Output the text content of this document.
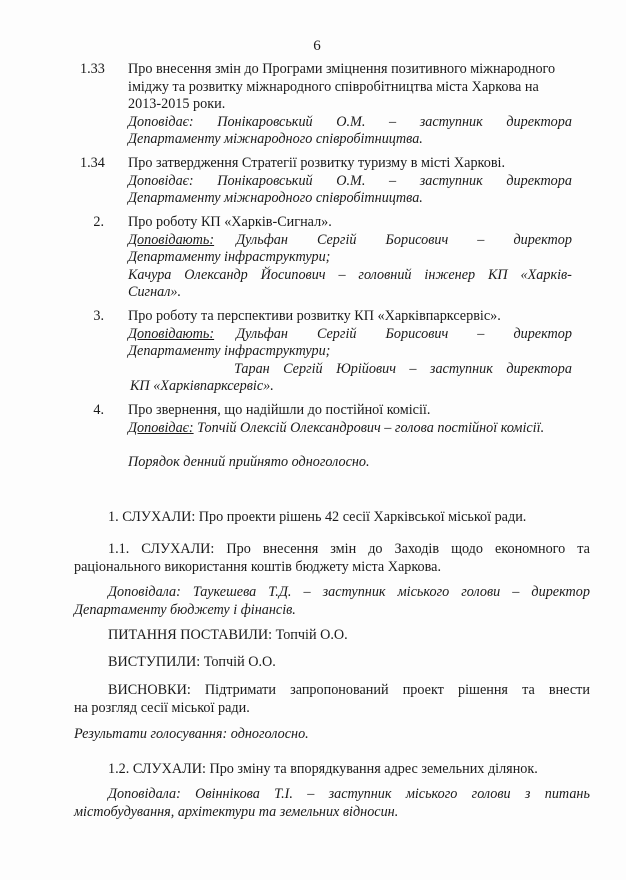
6
1.33	Про внесення змін до Програми зміцнення позитивного міжнародного
іміджу та розвитку міжнародного співробітництва міста Харкова на
2013-2015 роки.
Доповідає: Понікаровський О.М. – заступник директора
Департаменту міжнародного співробітництва.
1.34	Про затвердження Стратегії розвитку туризму в місті Харкові.
Доповідає: Понікаровський О.М. – заступник директора
Департаменту міжнародного співробітництва.
2. Про роботу КП «Харків-Сигнал».
Доповідають: Дульфан Сергій Борисович – директор
Департаменту інфраструктури;
Качура Олександр Йосипович – головний інженер КП «Харків-
Сигнал».
3. Про роботу та перспективи розвитку КП «Харківпарксервіс».
Доповідають: Дульфан Сергій Борисович – директор
Департаменту інфраструктури;
Таран Сергій Юрійович – заступник директора
КП «Харківпарксервіс».
4. Про звернення, що надійшли до постійної комісії.
Доповідає: Топчій Олексій Олександрович – голова постійної комісії.
Порядок денний прийнято одноголосно.
1. СЛУХАЛИ: Про проекти рішень 42 сесії Харківської міської ради.
1.1. СЛУХАЛИ: Про внесення змін до Заходів щодо економного та
раціонального використання коштів бюджету міста Харкова.
Доповідала: Таукешева Т.Д. – заступник міського голови – директор
Департаменту бюджету і фінансів.
ПИТАННЯ ПОСТАВИЛИ: Топчій О.О.
ВИСТУПИЛИ: Топчій О.О.
ВИСНОВКИ: Підтримати запропонований проект рішення та внести
на розгляд сесії міської ради.
Результати голосування: одноголосно.
1.2. СЛУХАЛИ: Про зміну та впорядкування адрес земельних ділянок.
Доповідала: Овіннікова Т.І. – заступник міського голови з питань
містобудування, архітектури та земельних відносин.
